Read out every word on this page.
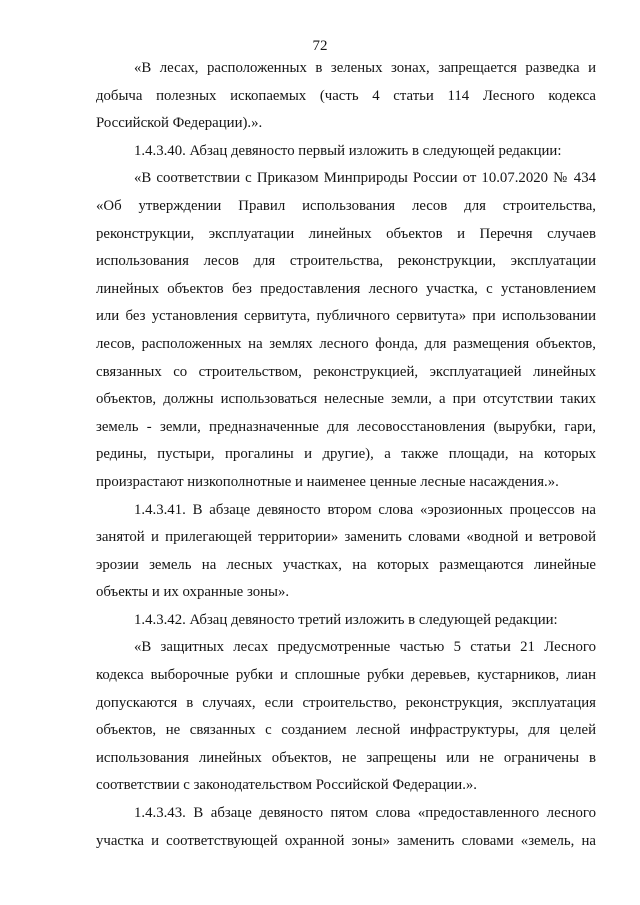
72

«В лесах, расположенных в зеленых зонах, запрещается разведка и
добыча полезных ископаемых (часть 4 статьи 114 Лесного кодекса
Российской Федерации).».

1.4.3.40. Абзац девяносто первый изложить в следующей редакции:

«В соответствии с Приказом Минприроды России от 10.07.2020 № 434
«Об утверждении Правил использования лесов для строительства,
реконструкции, эксплуатации линейных объектов и Перечня случаев
использования лесов для строительства, реконструкции, эксплуатации
линейных объектов без предоставления лесного участка, с установлением
или без установления сервитута, публичного сервитута» при использовании
лесов, расположенных на землях лесного фонда, для размещения объектов,
связанных со строительством, реконструкцией, эксплуатацией линейных
объектов, должны использоваться нелесные земли, а при отсутствии таких
земель - земли, предназначенные для лесовосстановления (вырубки, гари,
редины, пустыри, прогалины и другие), а также площади, на которых
произрастают низкополнотные и наименее ценные лесные насаждения.».

1.4.3.41. В абзаце девяносто втором слова «эрозионных процессов на
занятой и прилегающей территории» заменить словами «водной и ветровой
эрозии земель на лесных участках, на которых размещаются линейные
объекты и их охранные зоны».

1.4.3.42. Абзац девяносто третий изложить в следующей редакции:

«В защитных лесах предусмотренные частью 5 статьи 21 Лесного
кодекса выборочные рубки и сплошные рубки деревьев, кустарников, лиан
допускаются в случаях, если строительство, реконструкция, эксплуатация
объектов, не связанных с созданием лесной инфраструктуры, для целей
использования линейных объектов, не запрещены или не ограничены в
соответствии с законодательством Российской Федерации.».

1.4.3.43. В абзаце девяносто пятом слова «предоставленного лесного
участка и соответствующей охранной зоны» заменить словами «земель, на
